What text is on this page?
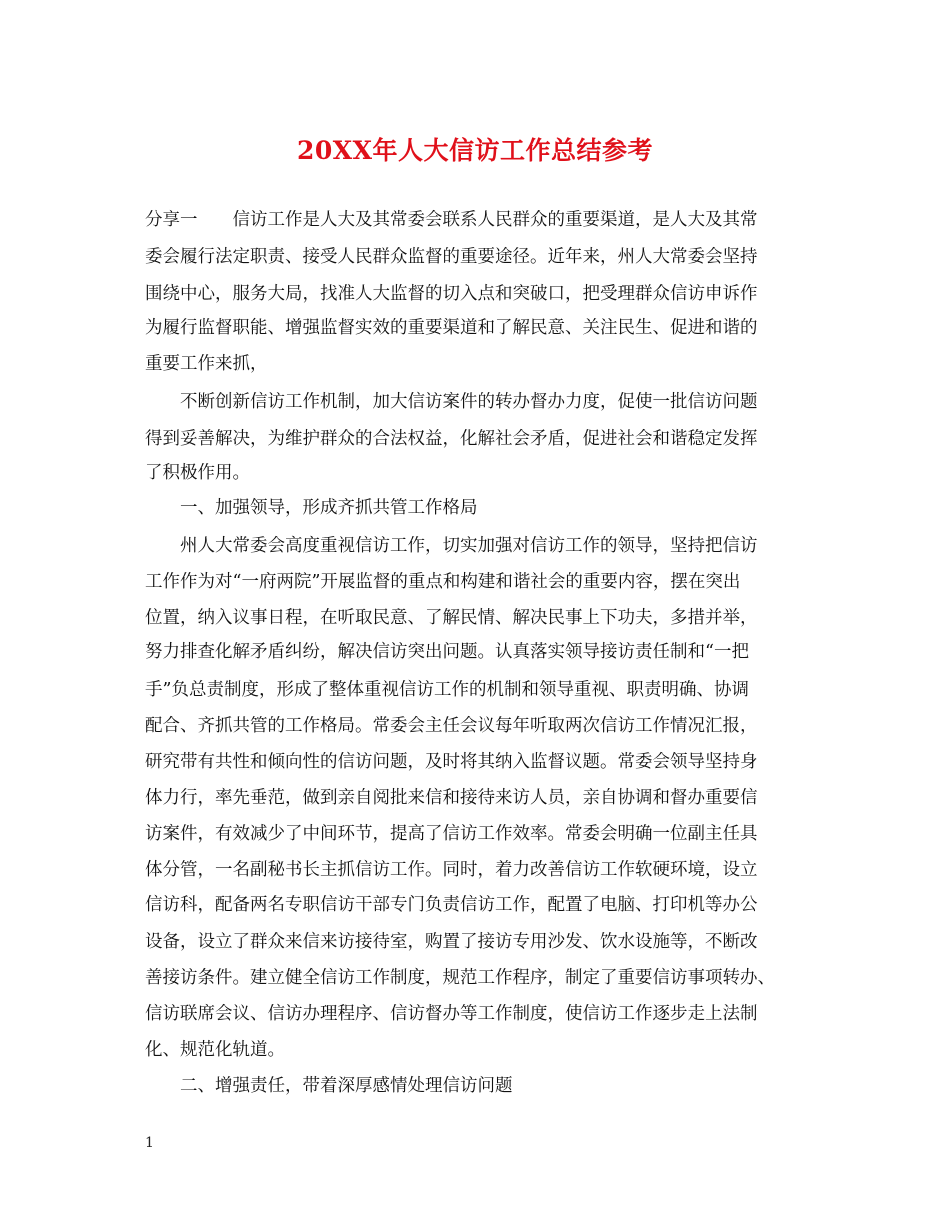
20XX年人大信访工作总结参考
分享一　　信访工作是人大及其常委会联系人民群众的重要渠道，是人大及其常
委会履行法定职责、接受人民群众监督的重要途径。近年来，州人大常委会坚持
围绕中心，服务大局，找准人大监督的切入点和突破口，把受理群众信访申诉作
为履行监督职能、增强监督实效的重要渠道和了解民意、关注民生、促进和谐的
重要工作来抓，
　　不断创新信访工作机制，加大信访案件的转办督办力度，促使一批信访问题
得到妥善解决，为维护群众的合法权益，化解社会矛盾，促进社会和谐稳定发挥
了积极作用。
　　一、加强领导，形成齐抓共管工作格局
　　州人大常委会高度重视信访工作，切实加强对信访工作的领导，坚持把信访
工作作为对“一府两院”开展监督的重点和构建和谐社会的重要内容，摆在突出
位置，纳入议事日程，在听取民意、了解民情、解决民事上下功夫，多措并举，
努力排查化解矛盾纠纷，解决信访突出问题。认真落实领导接访责任制和“一把
手”负总责制度，形成了整体重视信访工作的机制和领导重视、职责明确、协调
配合、齐抓共管的工作格局。常委会主任会议每年听取两次信访工作情况汇报，
研究带有共性和倾向性的信访问题，及时将其纳入监督议题。常委会领导坚持身
体力行，率先垂范，做到亲自阅批来信和接待来访人员，亲自协调和督办重要信
访案件，有效减少了中间环节，提高了信访工作效率。常委会明确一位副主任具
体分管，一名副秘书长主抓信访工作。同时，着力改善信访工作软硬环境，设立
信访科，配备两名专职信访干部专门负责信访工作，配置了电脑、打印机等办公
设备，设立了群众来信来访接待室，购置了接访专用沙发、饮水设施等，不断改
善接访条件。建立健全信访工作制度，规范工作程序，制定了重要信访事项转办、
信访联席会议、信访办理程序、信访督办等工作制度，使信访工作逐步走上法制
化、规范化轨道。
　　二、增强责任，带着深厚感情处理信访问题
1
